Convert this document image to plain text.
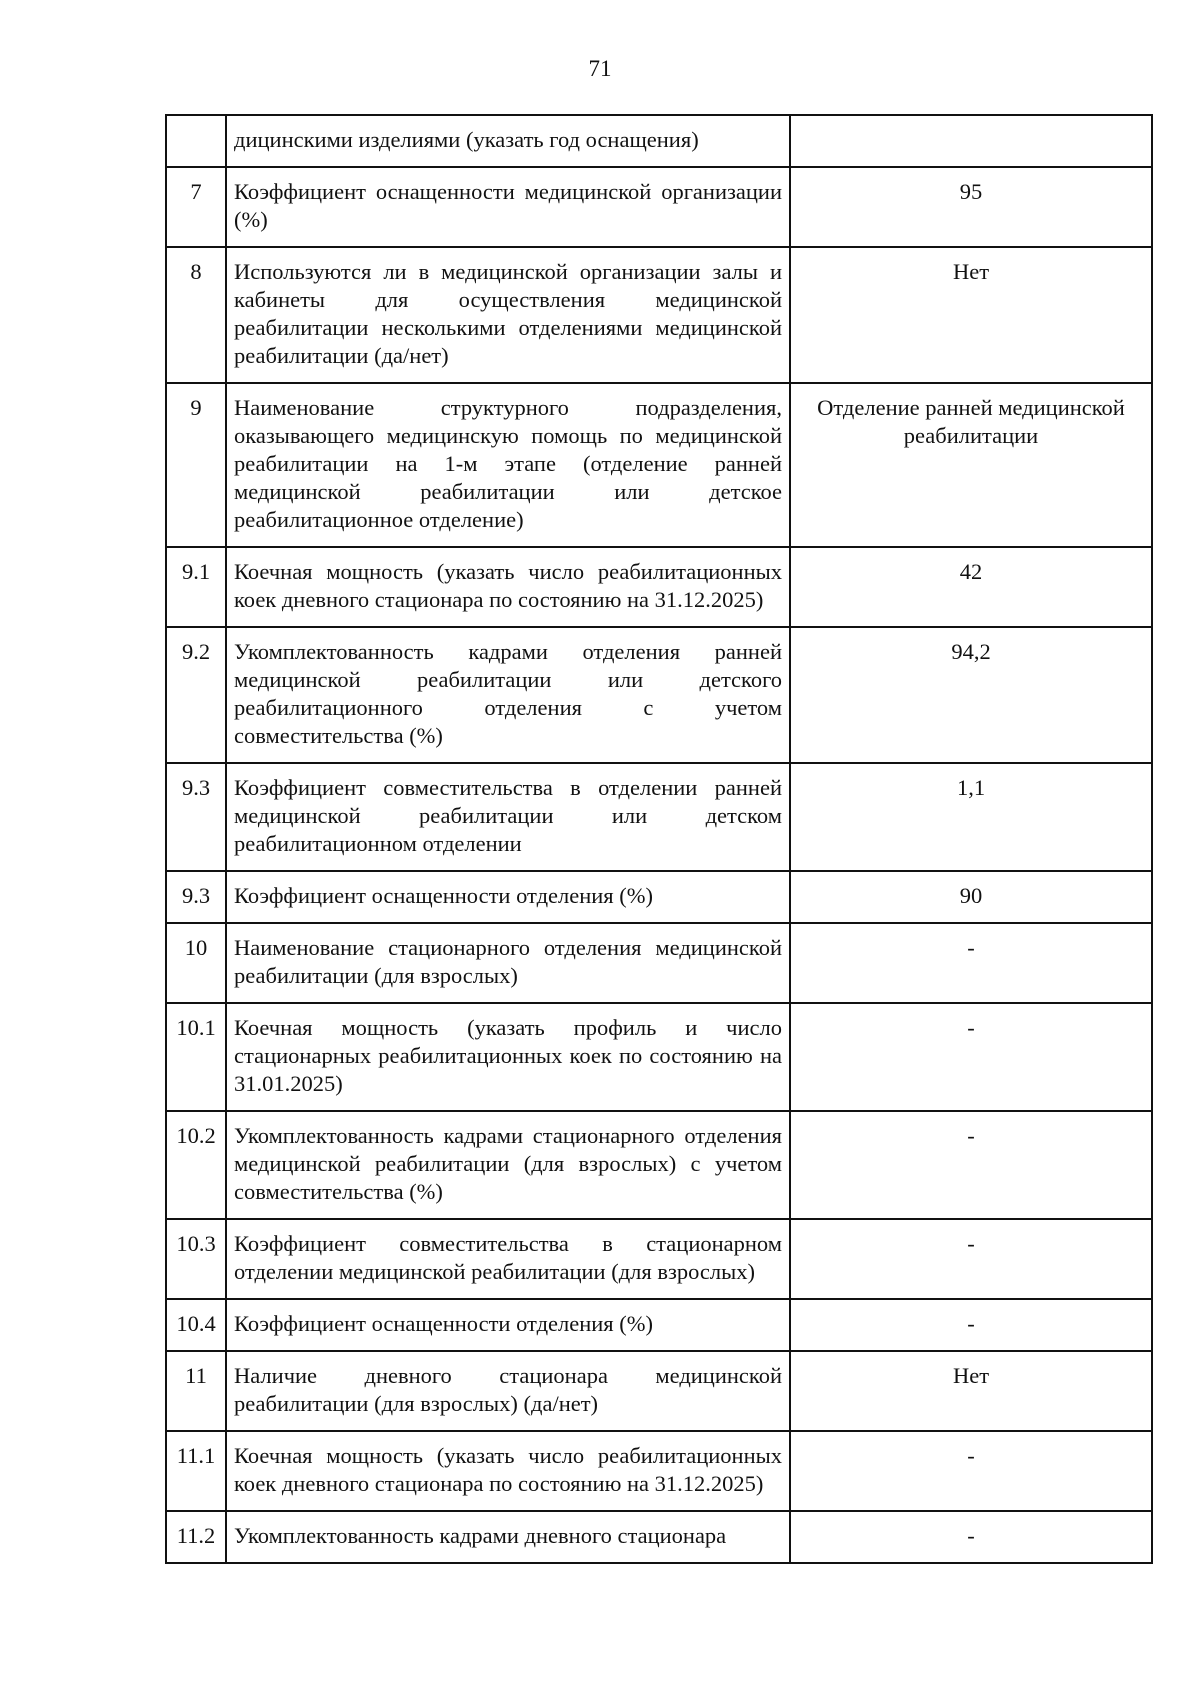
71
	дицинскими изделиями (указать год оснащения)	
7	Коэффициент оснащенности медицинской организации (%)	95
8	Используются ли в медицинской организации залы и кабинеты для осуществления медицинской реабилитации несколькими отделениями медицинской реабилитации (да/нет)	Нет
9	Наименование структурного подразделения, оказывающего медицинскую помощь по медицинской реабилитации на 1-м этапе (отделение ранней медицинской реабилитации или детское реабилитационное отделение)	Отделение ранней медицинской реабилитации
9.1	Коечная мощность (указать число реабилитационных коек дневного стационара по состоянию на 31.12.2025)	42
9.2	Укомплектованность кадрами отделения ранней медицинской реабилитации или детского реабилитационного отделения с учетом совместительства (%)	94,2
9.3	Коэффициент совместительства в отделении ранней медицинской реабилитации или детском реабилитационном отделении	1,1
9.3	Коэффициент оснащенности отделения (%)	90
10	Наименование стационарного отделения медицинской реабилитации (для взрослых)	-
10.1	Коечная мощность (указать профиль и число стационарных реабилитационных коек по состоянию на 31.01.2025)	-
10.2	Укомплектованность кадрами стационарного отделения медицинской реабилитации (для взрослых) с учетом совместительства (%)	-
10.3	Коэффициент совместительства в стационарном отделении медицинской реабилитации (для взрослых)	-
10.4	Коэффициент оснащенности отделения (%)	-
11	Наличие дневного стационара медицинской реабилитации (для взрослых) (да/нет)	Нет
11.1	Коечная мощность (указать число реабилитационных коек дневного стационара по состоянию на 31.12.2025)	-
11.2	Укомплектованность кадрами дневного стационара	-
